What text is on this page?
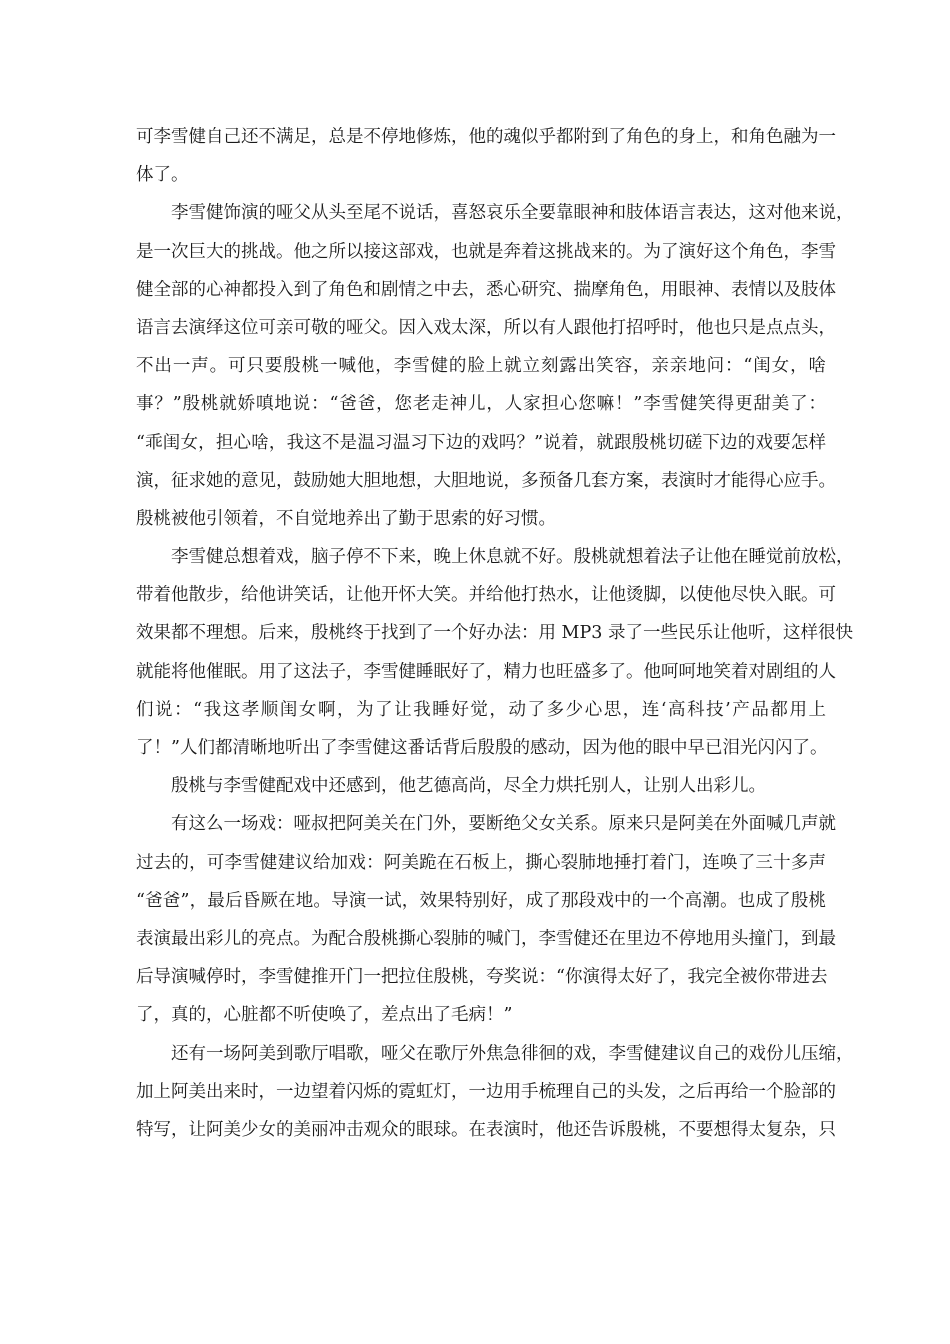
可李雪健自己还不满足，总是不停地修炼，他的魂似乎都附到了角色的身上，和角色融为一
体了。
李雪健饰演的哑父从头至尾不说话，喜怒哀乐全要靠眼神和肢体语言表达，这对他来说，
是一次巨大的挑战。他之所以接这部戏，也就是奔着这挑战来的。为了演好这个角色，李雪
健全部的心神都投入到了角色和剧情之中去，悉心研究、揣摩角色，用眼神、表情以及肢体
语言去演绎这位可亲可敬的哑父。因入戏太深，所以有人跟他打招呼时，他也只是点点头，
不出一声。可只要殷桃一喊他，李雪健的脸上就立刻露出笑容，亲亲地问：“闺女，啥
事？”殷桃就娇嗔地说：“爸爸，您老走神儿，人家担心您嘛！”李雪健笑得更甜美了：
“乖闺女，担心啥，我这不是温习温习下边的戏吗？”说着，就跟殷桃切磋下边的戏要怎样
演，征求她的意见，鼓励她大胆地想，大胆地说，多预备几套方案，表演时才能得心应手。
殷桃被他引领着，不自觉地养出了勤于思索的好习惯。
李雪健总想着戏，脑子停不下来，晚上休息就不好。殷桃就想着法子让他在睡觉前放松，
带着他散步，给他讲笑话，让他开怀大笑。并给他打热水，让他烫脚，以使他尽快入眠。可
效果都不理想。后来，殷桃终于找到了一个好办法：用 MP3 录了一些民乐让他听，这样很快
就能将他催眠。用了这法子，李雪健睡眠好了，精力也旺盛多了。他呵呵地笑着对剧组的人
们说：“我这孝顺闺女啊，为了让我睡好觉，动了多少心思，连‘高科技’产品都用上
了！”人们都清晰地听出了李雪健这番话背后殷殷的感动，因为他的眼中早已泪光闪闪了。
殷桃与李雪健配戏中还感到，他艺德高尚，尽全力烘托别人，让别人出彩儿。
有这么一场戏：哑叔把阿美关在门外，要断绝父女关系。原来只是阿美在外面喊几声就
过去的，可李雪健建议给加戏：阿美跪在石板上，撕心裂肺地捶打着门，连唤了三十多声
“爸爸”，最后昏厥在地。导演一试，效果特别好，成了那段戏中的一个高潮。也成了殷桃
表演最出彩儿的亮点。为配合殷桃撕心裂肺的喊门，李雪健还在里边不停地用头撞门，到最
后导演喊停时，李雪健推开门一把拉住殷桃，夸奖说：“你演得太好了，我完全被你带进去
了，真的，心脏都不听使唤了，差点出了毛病！”
还有一场阿美到歌厅唱歌，哑父在歌厅外焦急徘徊的戏，李雪健建议自己的戏份儿压缩，
加上阿美出来时，一边望着闪烁的霓虹灯，一边用手梳理自己的头发，之后再给一个脸部的
特写，让阿美少女的美丽冲击观众的眼球。在表演时，他还告诉殷桃，不要想得太复杂，只
